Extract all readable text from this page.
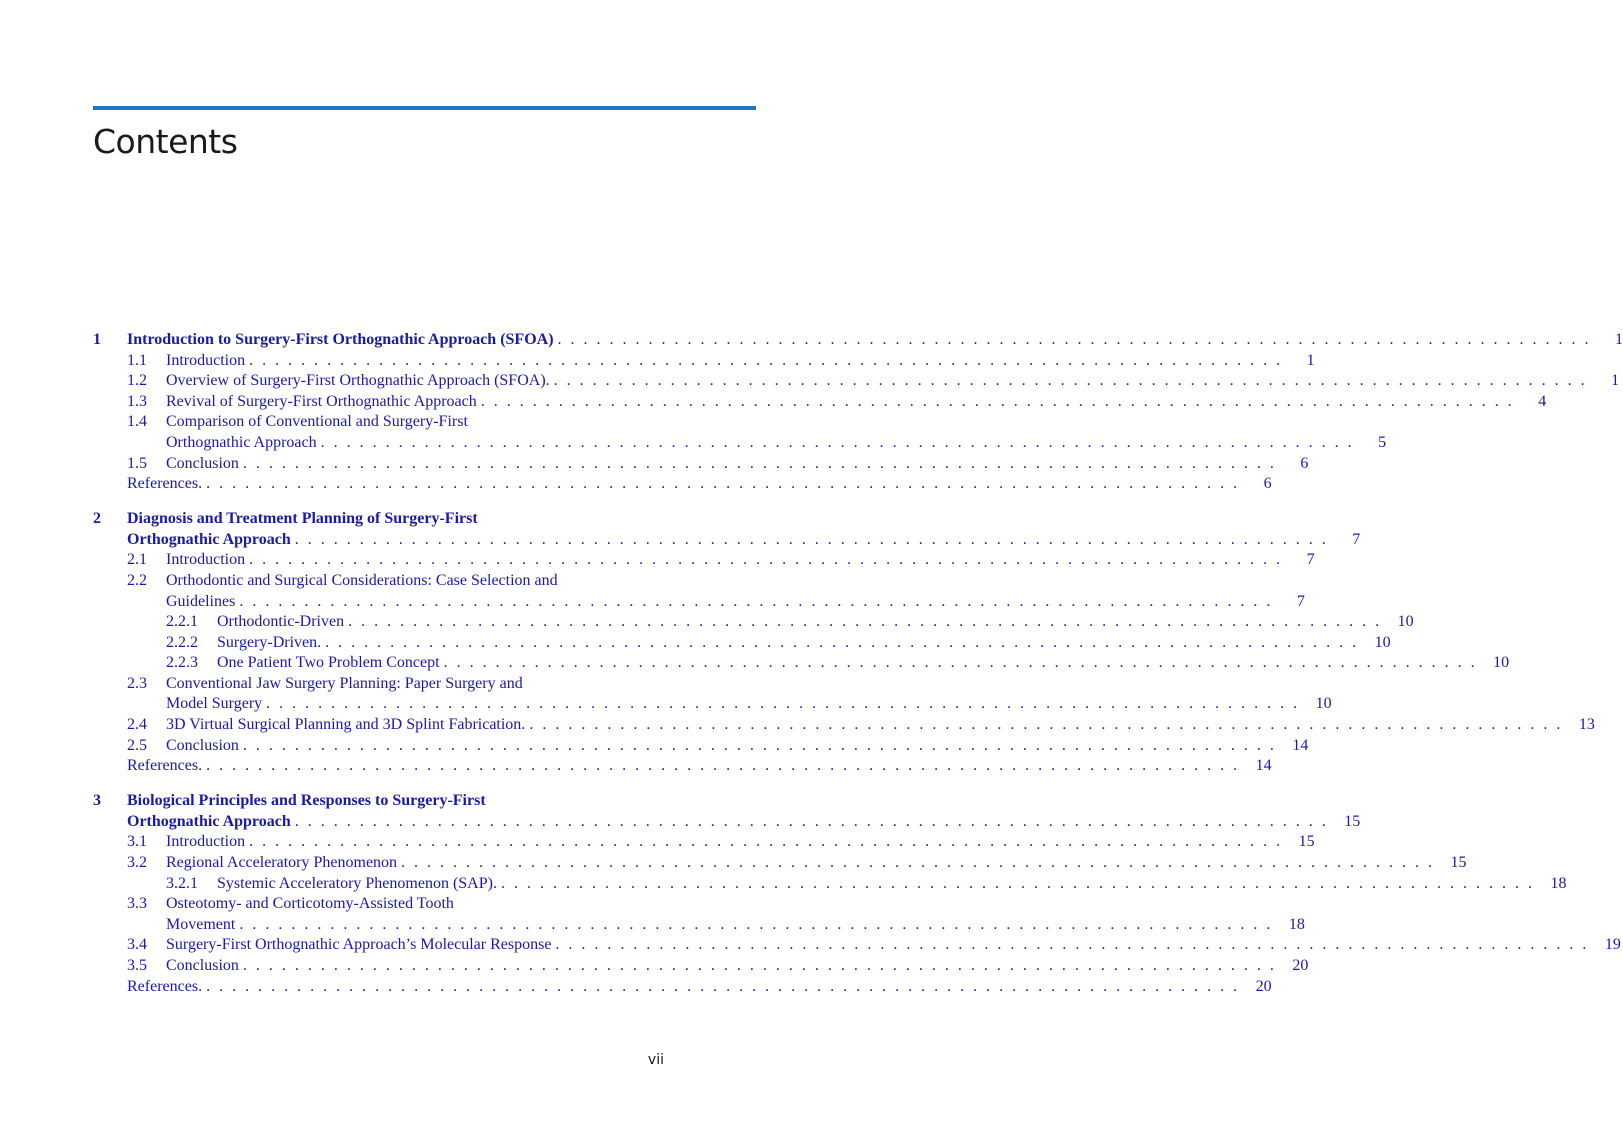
Contents
1	Introduction to Surgery-First Orthognathic Approach (SFOA) . . . . . . . . . . . . . . . . . . . . . . . . . . . . . . . . . . . . . . . . . . . . . . . . . . . . . . . . . . . . . . . . . . . . . . . . . . . . . . . .	1
1.1	Introduction . . . . . . . . . . . . . . . . . . . . . . . . . . . . . . . . . . . . . . . . . . . . . . . . . . . . . . . . . . . . . . . . . . . . . . . . . . . . . . . .	1
1.2	Overview of Surgery-First Orthognathic Approach (SFOA). . . . . . . . . . . . . . . . . . . . . . . . . . . . . . . . . . . . . . . . . . . . . . . . . . . . . . . . . . . . . . . . . . . . . . . . . . . . . . . . .	1
1.3	Revival of Surgery-First Orthognathic Approach . . . . . . . . . . . . . . . . . . . . . . . . . . . . . . . . . . . . . . . . . . . . . . . . . . . . . . . . . . . . . . . . . . . . . . . . . . . . . . . .	4
1.4	Comparison of Conventional and Surgery-First
Orthognathic Approach . . . . . . . . . . . . . . . . . . . . . . . . . . . . . . . . . . . . . . . . . . . . . . . . . . . . . . . . . . . . . . . . . . . . . . . . . . . . . . . .	5
1.5	Conclusion . . . . . . . . . . . . . . . . . . . . . . . . . . . . . . . . . . . . . . . . . . . . . . . . . . . . . . . . . . . . . . . . . . . . . . . . . . . . . . . .	6
References. . . . . . . . . . . . . . . . . . . . . . . . . . . . . . . . . . . . . . . . . . . . . . . . . . . . . . . . . . . . . . . . . . . . . . . . . . . . . . . . .	6
2	Diagnosis and Treatment Planning of Surgery-First
Orthognathic Approach . . . . . . . . . . . . . . . . . . . . . . . . . . . . . . . . . . . . . . . . . . . . . . . . . . . . . . . . . . . . . . . . . . . . . . . . . . . . . . . .	7
2.1	Introduction . . . . . . . . . . . . . . . . . . . . . . . . . . . . . . . . . . . . . . . . . . . . . . . . . . . . . . . . . . . . . . . . . . . . . . . . . . . . . . . .	7
2.2	Orthodontic and Surgical Considerations: Case Selection and
Guidelines . . . . . . . . . . . . . . . . . . . . . . . . . . . . . . . . . . . . . . . . . . . . . . . . . . . . . . . . . . . . . . . . . . . . . . . . . . . . . . . .	7
2.2.1	Orthodontic-Driven . . . . . . . . . . . . . . . . . . . . . . . . . . . . . . . . . . . . . . . . . . . . . . . . . . . . . . . . . . . . . . . . . . . . . . . . . . . . . . . .	10
2.2.2	Surgery-Driven. . . . . . . . . . . . . . . . . . . . . . . . . . . . . . . . . . . . . . . . . . . . . . . . . . . . . . . . . . . . . . . . . . . . . . . . . . . . . . . . .	10
2.2.3	One Patient Two Problem Concept . . . . . . . . . . . . . . . . . . . . . . . . . . . . . . . . . . . . . . . . . . . . . . . . . . . . . . . . . . . . . . . . . . . . . . . . . . . . . . . .	10
2.3	Conventional Jaw Surgery Planning: Paper Surgery and
Model Surgery . . . . . . . . . . . . . . . . . . . . . . . . . . . . . . . . . . . . . . . . . . . . . . . . . . . . . . . . . . . . . . . . . . . . . . . . . . . . . . . .	10
2.4	3D Virtual Surgical Planning and 3D Splint Fabrication. . . . . . . . . . . . . . . . . . . . . . . . . . . . . . . . . . . . . . . . . . . . . . . . . . . . . . . . . . . . . . . . . . . . . . . . . . . . . . . . .	13
2.5	Conclusion . . . . . . . . . . . . . . . . . . . . . . . . . . . . . . . . . . . . . . . . . . . . . . . . . . . . . . . . . . . . . . . . . . . . . . . . . . . . . . . .	14
References. . . . . . . . . . . . . . . . . . . . . . . . . . . . . . . . . . . . . . . . . . . . . . . . . . . . . . . . . . . . . . . . . . . . . . . . . . . . . . . . .	14
3	Biological Principles and Responses to Surgery-First
Orthognathic Approach . . . . . . . . . . . . . . . . . . . . . . . . . . . . . . . . . . . . . . . . . . . . . . . . . . . . . . . . . . . . . . . . . . . . . . . . . . . . . . . .	15
3.1	Introduction . . . . . . . . . . . . . . . . . . . . . . . . . . . . . . . . . . . . . . . . . . . . . . . . . . . . . . . . . . . . . . . . . . . . . . . . . . . . . . . .	15
3.2	Regional Acceleratory Phenomenon . . . . . . . . . . . . . . . . . . . . . . . . . . . . . . . . . . . . . . . . . . . . . . . . . . . . . . . . . . . . . . . . . . . . . . . . . . . . . . . .	15
3.2.1	Systemic Acceleratory Phenomenon (SAP). . . . . . . . . . . . . . . . . . . . . . . . . . . . . . . . . . . . . . . . . . . . . . . . . . . . . . . . . . . . . . . . . . . . . . . . . . . . . . . . .	18
3.3	Osteotomy- and Corticotomy-Assisted Tooth
Movement . . . . . . . . . . . . . . . . . . . . . . . . . . . . . . . . . . . . . . . . . . . . . . . . . . . . . . . . . . . . . . . . . . . . . . . . . . . . . . . .	18
3.4	Surgery-First Orthognathic Approach’s Molecular Response . . . . . . . . . . . . . . . . . . . . . . . . . . . . . . . . . . . . . . . . . . . . . . . . . . . . . . . . . . . . . . . . . . . . . . . . . . . . . . . .	19
3.5	Conclusion . . . . . . . . . . . . . . . . . . . . . . . . . . . . . . . . . . . . . . . . . . . . . . . . . . . . . . . . . . . . . . . . . . . . . . . . . . . . . . . .	20
References. . . . . . . . . . . . . . . . . . . . . . . . . . . . . . . . . . . . . . . . . . . . . . . . . . . . . . . . . . . . . . . . . . . . . . . . . . . . . . . . .	20
vii
